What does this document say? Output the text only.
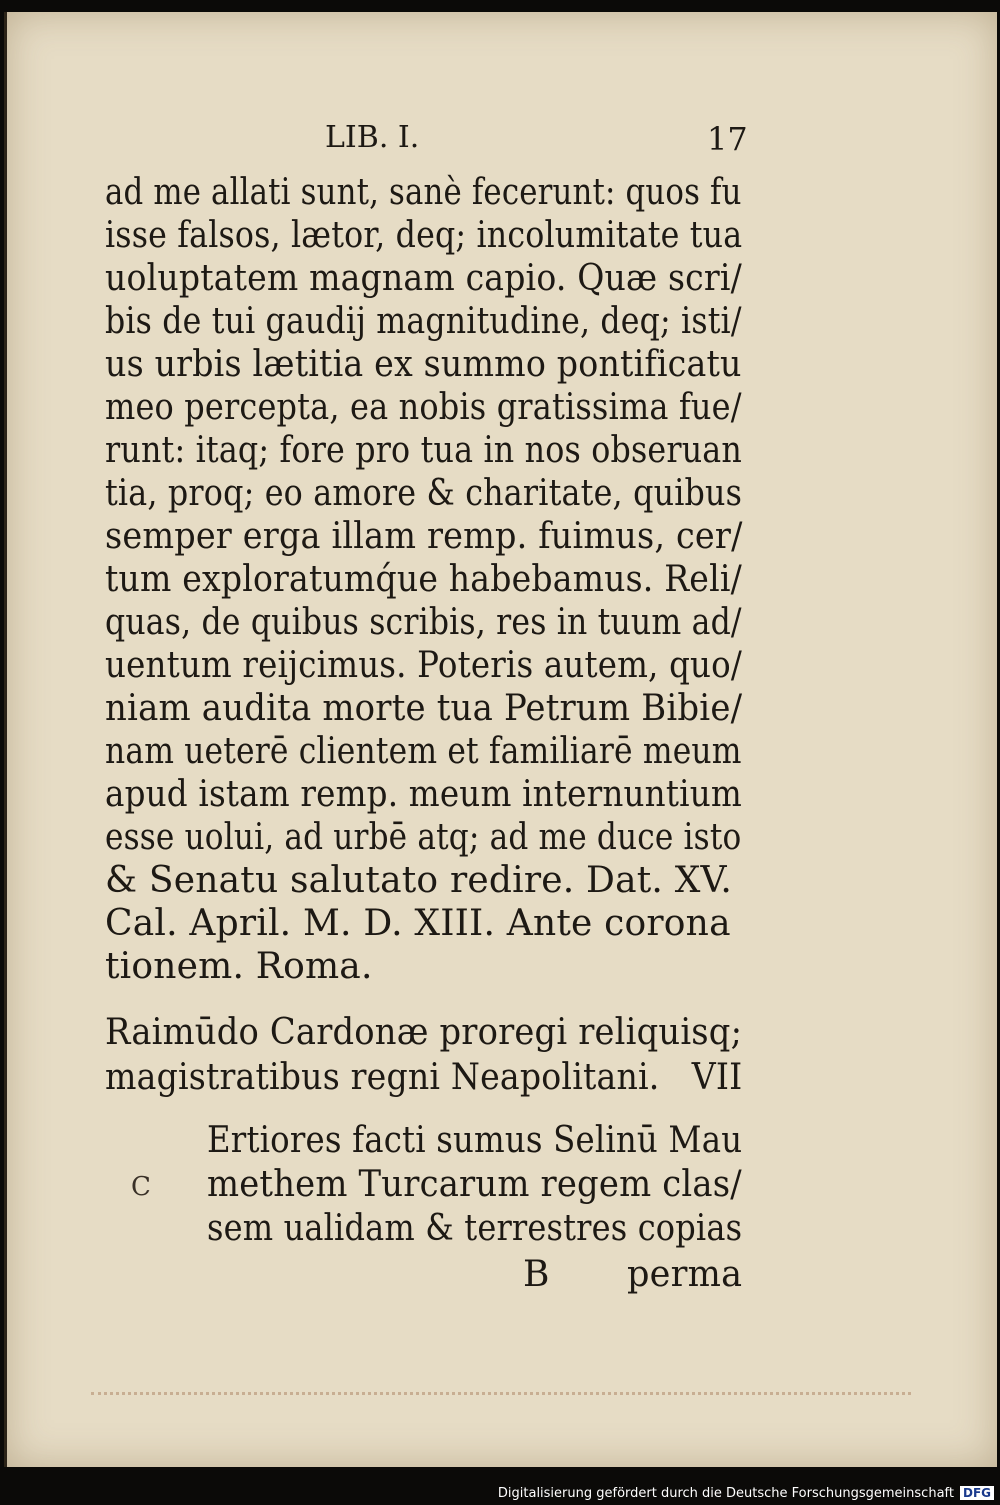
LIB. I.	17
ad me allati sunt, sanè fecerunt: quos fu
isse falsos, lætor, deq; incolumitate tua
uoluptatem magnam capio. Quæ scri/
bis de tui gaudij magnitudine, deq; isti/
us urbis lætitia ex summo pontificatu
meo percepta, ea nobis gratissima fue/
runt: itaq; fore pro tua in nos obseruan
tia, proq; eo amore & charitate, quibus
semper erga illam remp. fuimus, cer/
tum exploratumq́ue habebamus. Reli/
quas, de quibus scribis, res in tuum ad/
uentum reijcimus. Poteris autem, quo/
niam audita morte tua Petrum Bibie/
nam ueterē clientem et familiarē meum
apud istam remp. meum internuntium
esse uolui, ad urbē atq; ad me duce isto
& Senatu salutato redire. Dat. XV.
Cal. April. M. D. XIII. Ante corona
tionem. Roma.
Raimūdo Cardonæ proregi reliquisq;
magistratibus regni Neapolitani.   VII
Ertiores facti sumus Selinū Mau
methem Turcarum regem clas/
sem ualidam & terrestres copias
C
B perma
Digitalisierung gefördert durch die Deutsche Forschungsgemeinschaft DFG
